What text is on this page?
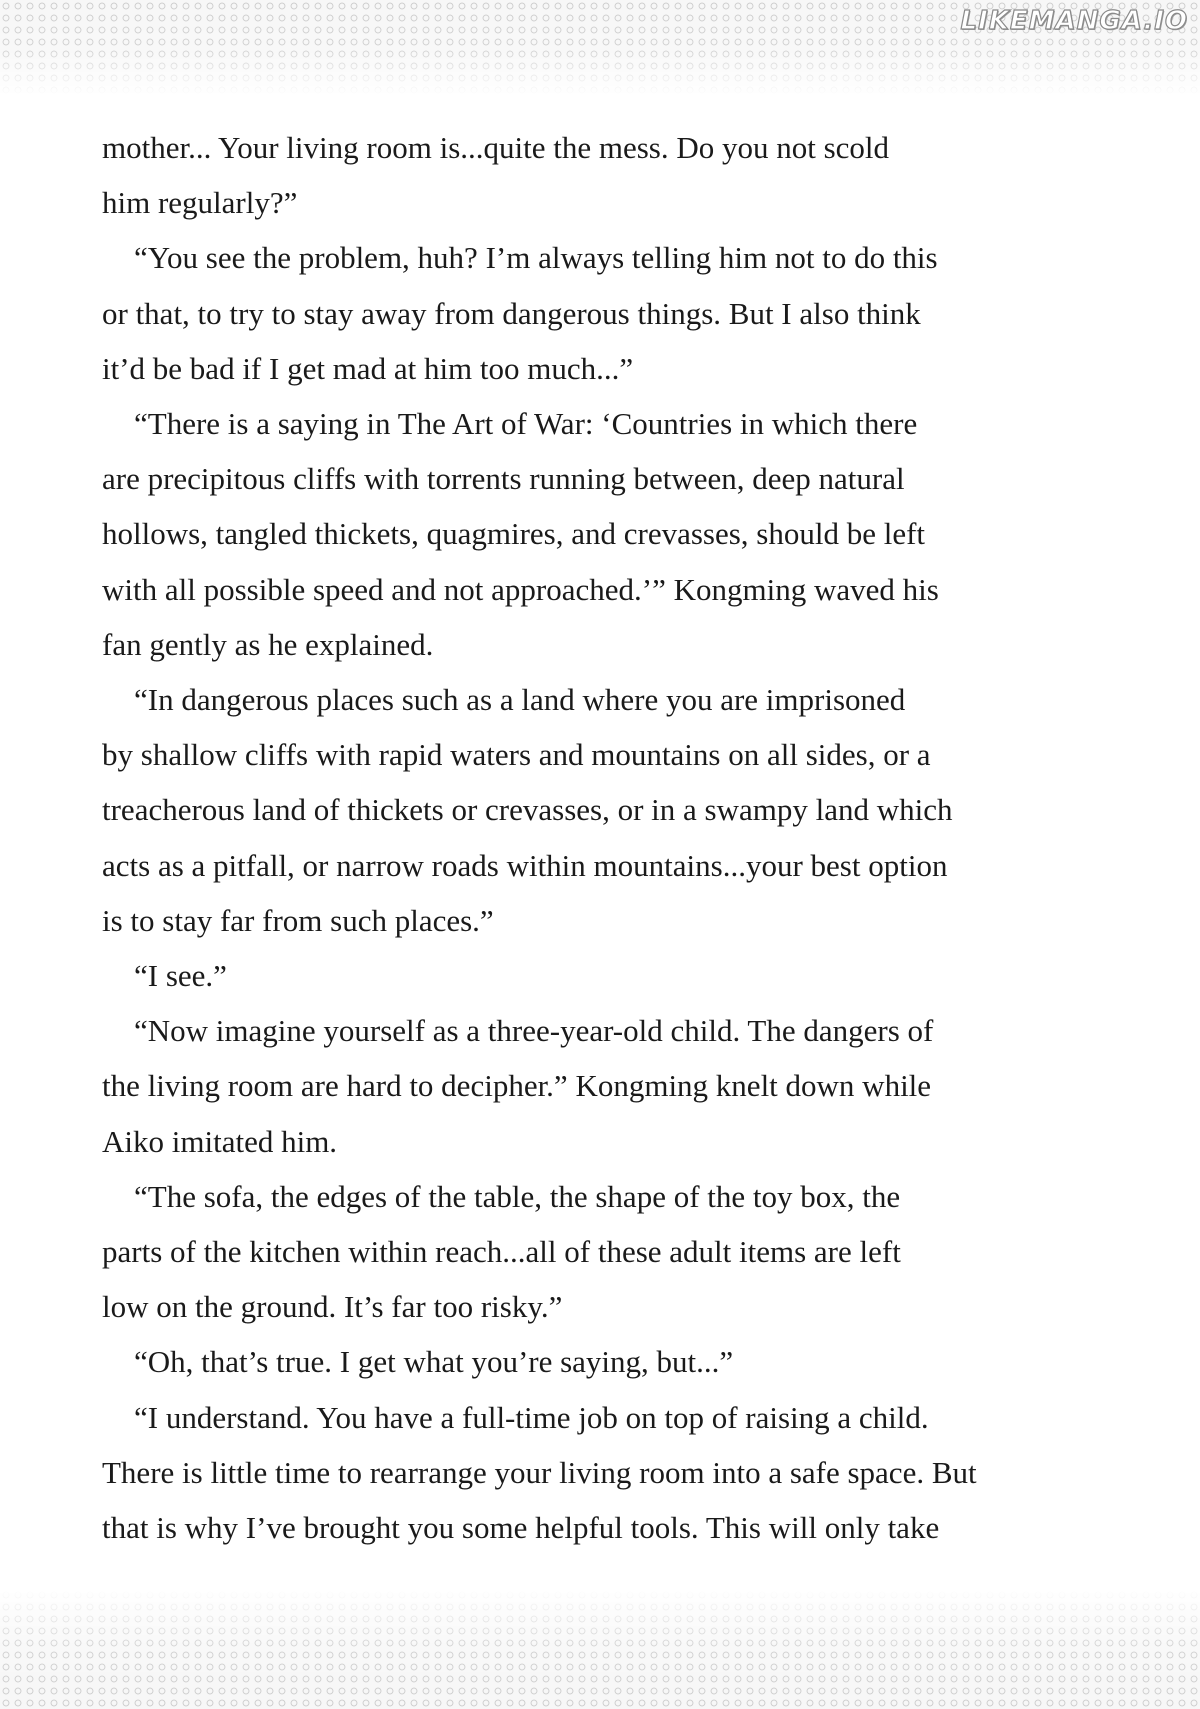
LIKEMANGA.IO

mother... Your living room is...quite the mess. Do you not scold

him regularly?”

“You see the problem, huh? I’m always telling him not to do this

or that, to try to stay away from dangerous things. But I also think

it’d be bad if I get mad at him too much...”

“There is a saying in The Art of War: ‘Countries in which there

are precipitous cliffs with torrents running between, deep natural

hollows, tangled thickets, quagmires, and crevasses, should be left

with all possible speed and not approached.’” Kongming waved his

fan gently as he explained.

“In dangerous places such as a land where you are imprisoned

by shallow cliffs with rapid waters and mountains on all sides, or a

treacherous land of thickets or crevasses, or in a swampy land which

acts as a pitfall, or narrow roads within mountains...your best option

is to stay far from such places.”

“I see.”

“Now imagine yourself as a three-year-old child. The dangers of

the living room are hard to decipher.” Kongming knelt down while

Aiko imitated him.

“The sofa, the edges of the table, the shape of the toy box, the

parts of the kitchen within reach...all of these adult items are left

low on the ground. It’s far too risky.”

“Oh, that’s true. I get what you’re saying, but...”

“I understand. You have a full-time job on top of raising a child.

There is little time to rearrange your living room into a safe space. But

that is why I’ve brought you some helpful tools. This will only take
